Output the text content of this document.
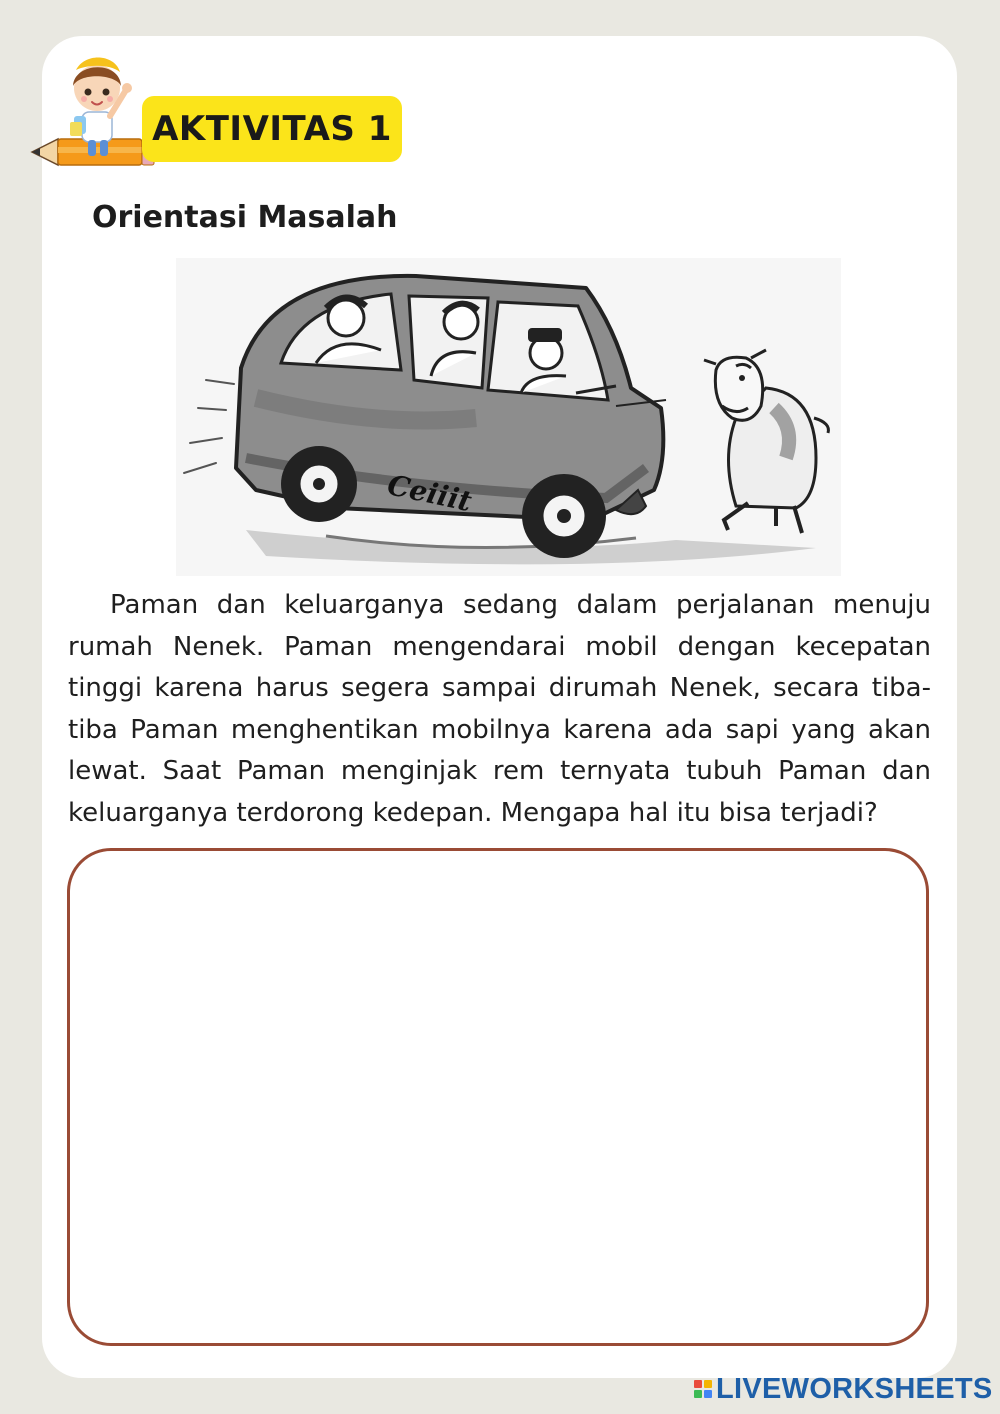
AKTIVITAS 1
Orientasi Masalah
Ceiiit

Paman dan keluarganya sedang dalam perjalanan menuju rumah Nenek. Paman mengendarai mobil dengan kecepatan tinggi karena harus segera sampai dirumah Nenek, secara tiba-tiba Paman menghentikan mobilnya karena ada sapi yang akan lewat. Saat Paman menginjak rem ternyata tubuh Paman dan keluarganya terdorong kedepan. Mengapa hal itu bisa terjadi?

LIVEWORKSHEETS
